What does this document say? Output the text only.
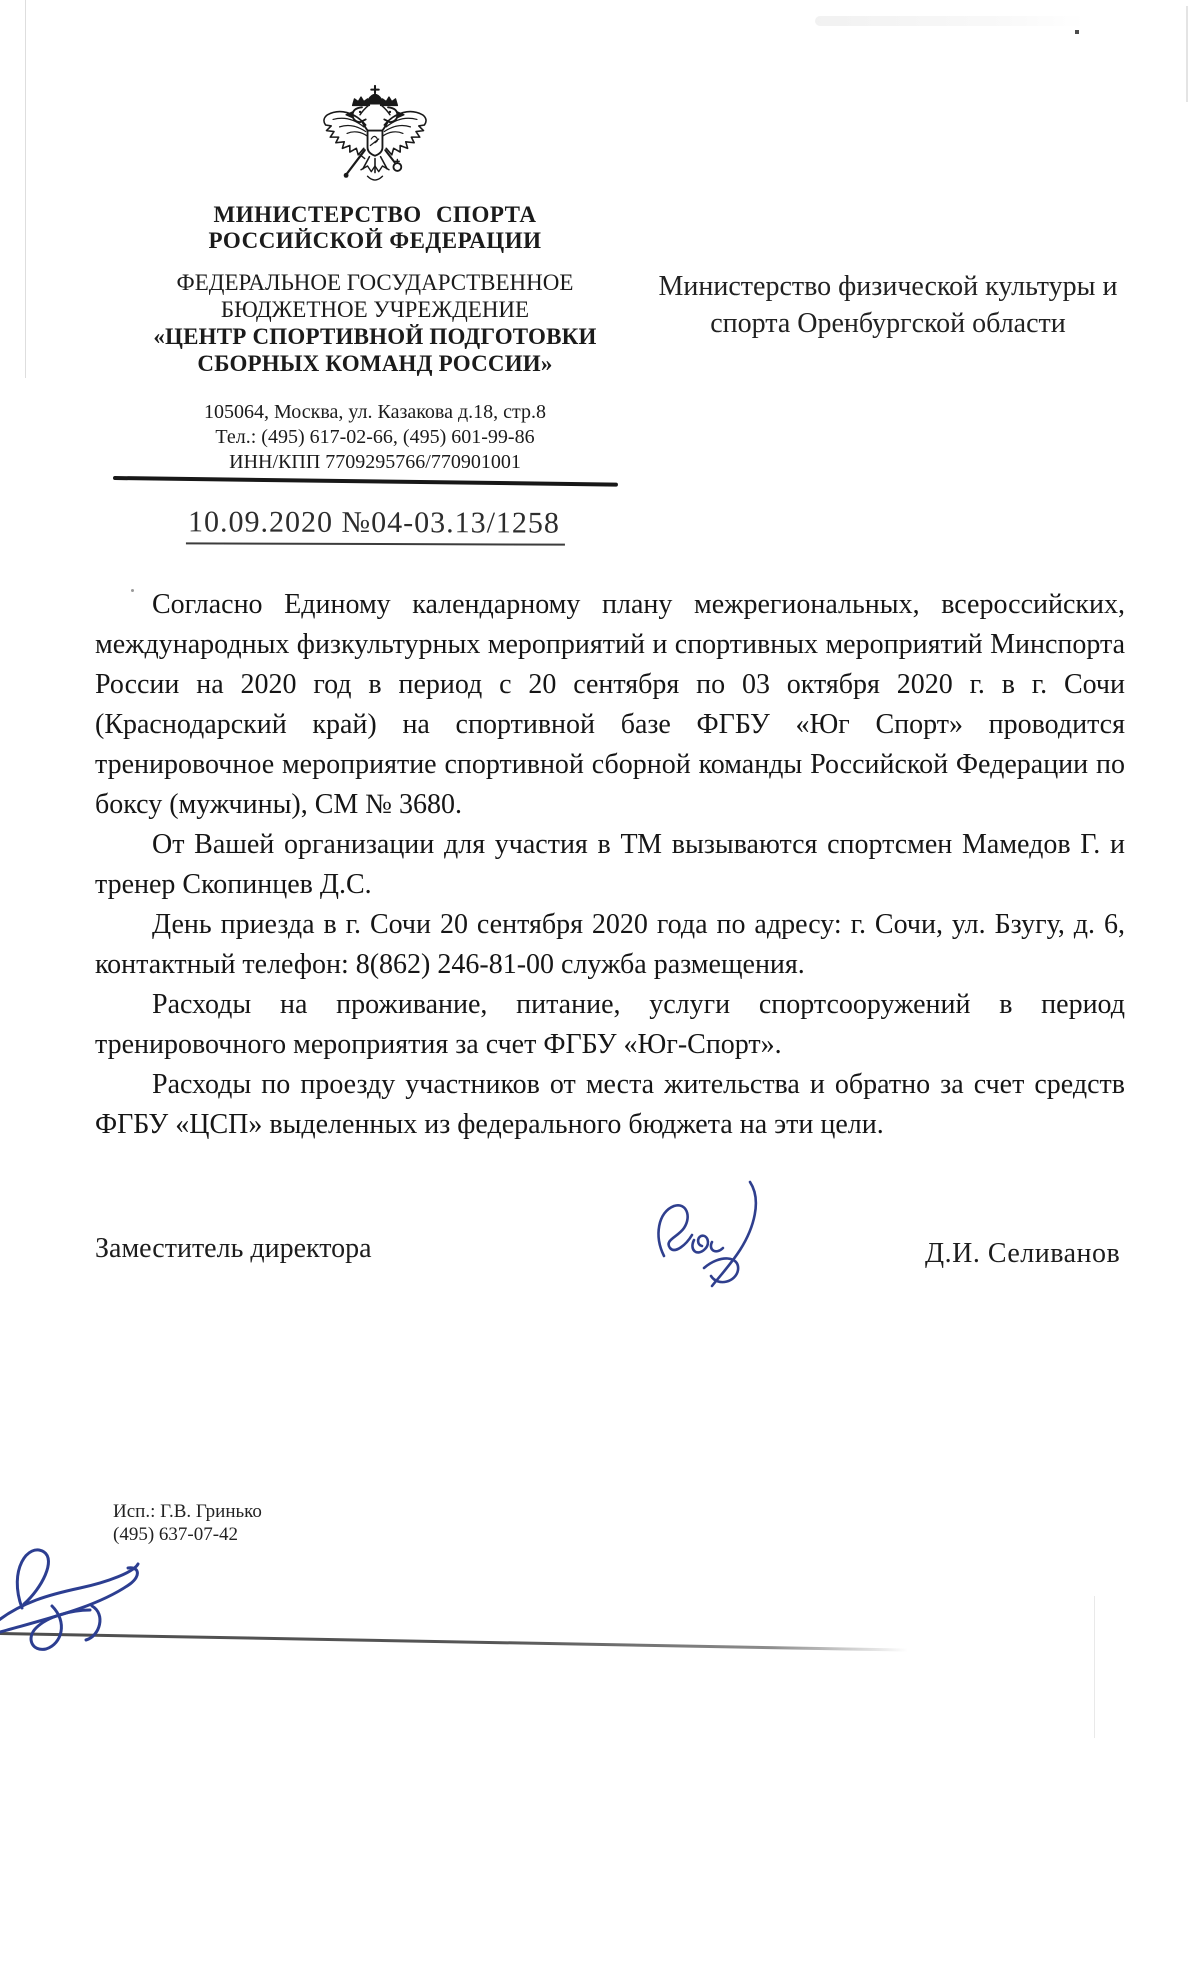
МИНИСТЕРСТВО СПОРТА
РОССИЙСКОЙ ФЕДЕРАЦИИ
ФЕДЕРАЛЬНОЕ ГОСУДАРСТВЕННОЕ
БЮДЖЕТНОЕ УЧРЕЖДЕНИЕ
«ЦЕНТР СПОРТИВНОЙ ПОДГОТОВКИ
СБОРНЫХ КОМАНД РОССИИ»
105064, Москва, ул. Казакова д.18, стр.8
Тел.: (495) 617-02-66, (495) 601-99-86
ИНН/КПП 7709295766/770901001
Министерство физической культуры и
спорта Оренбургской области
10.09.2020 №04-03.13/1258

Согласно Единому календарному плану межрегиональных, всероссийских, международных физкультурных мероприятий и спортивных мероприятий Минспорта России на 2020 год в период с 20 сентября по 03 октября 2020 г. в г. Сочи (Краснодарский край) на спортивной базе ФГБУ «Юг Спорт» проводится тренировочное мероприятие спортивной сборной команды Российской Федерации по боксу (мужчины), СМ № 3680.

От Вашей организации для участия в ТМ вызываются спортсмен Мамедов Г. и тренер Скопинцев Д.С.

День приезда в г. Сочи 20 сентября 2020 года по адресу: г. Сочи, ул. Бзугу, д. 6, контактный телефон: 8(862) 246-81-00 служба размещения.

Расходы на проживание, питание, услуги спортсооружений в период тренировочного мероприятия за счет ФГБУ «Юг-Спорт».

Расходы по проезду участников от места жительства и обратно за счет средств ФГБУ «ЦСП» выделенных из федерального бюджета на эти цели.

Заместитель директора	Д.И. Селиванов
Исп.: Г.В. Гринько
(495) 637-07-42
